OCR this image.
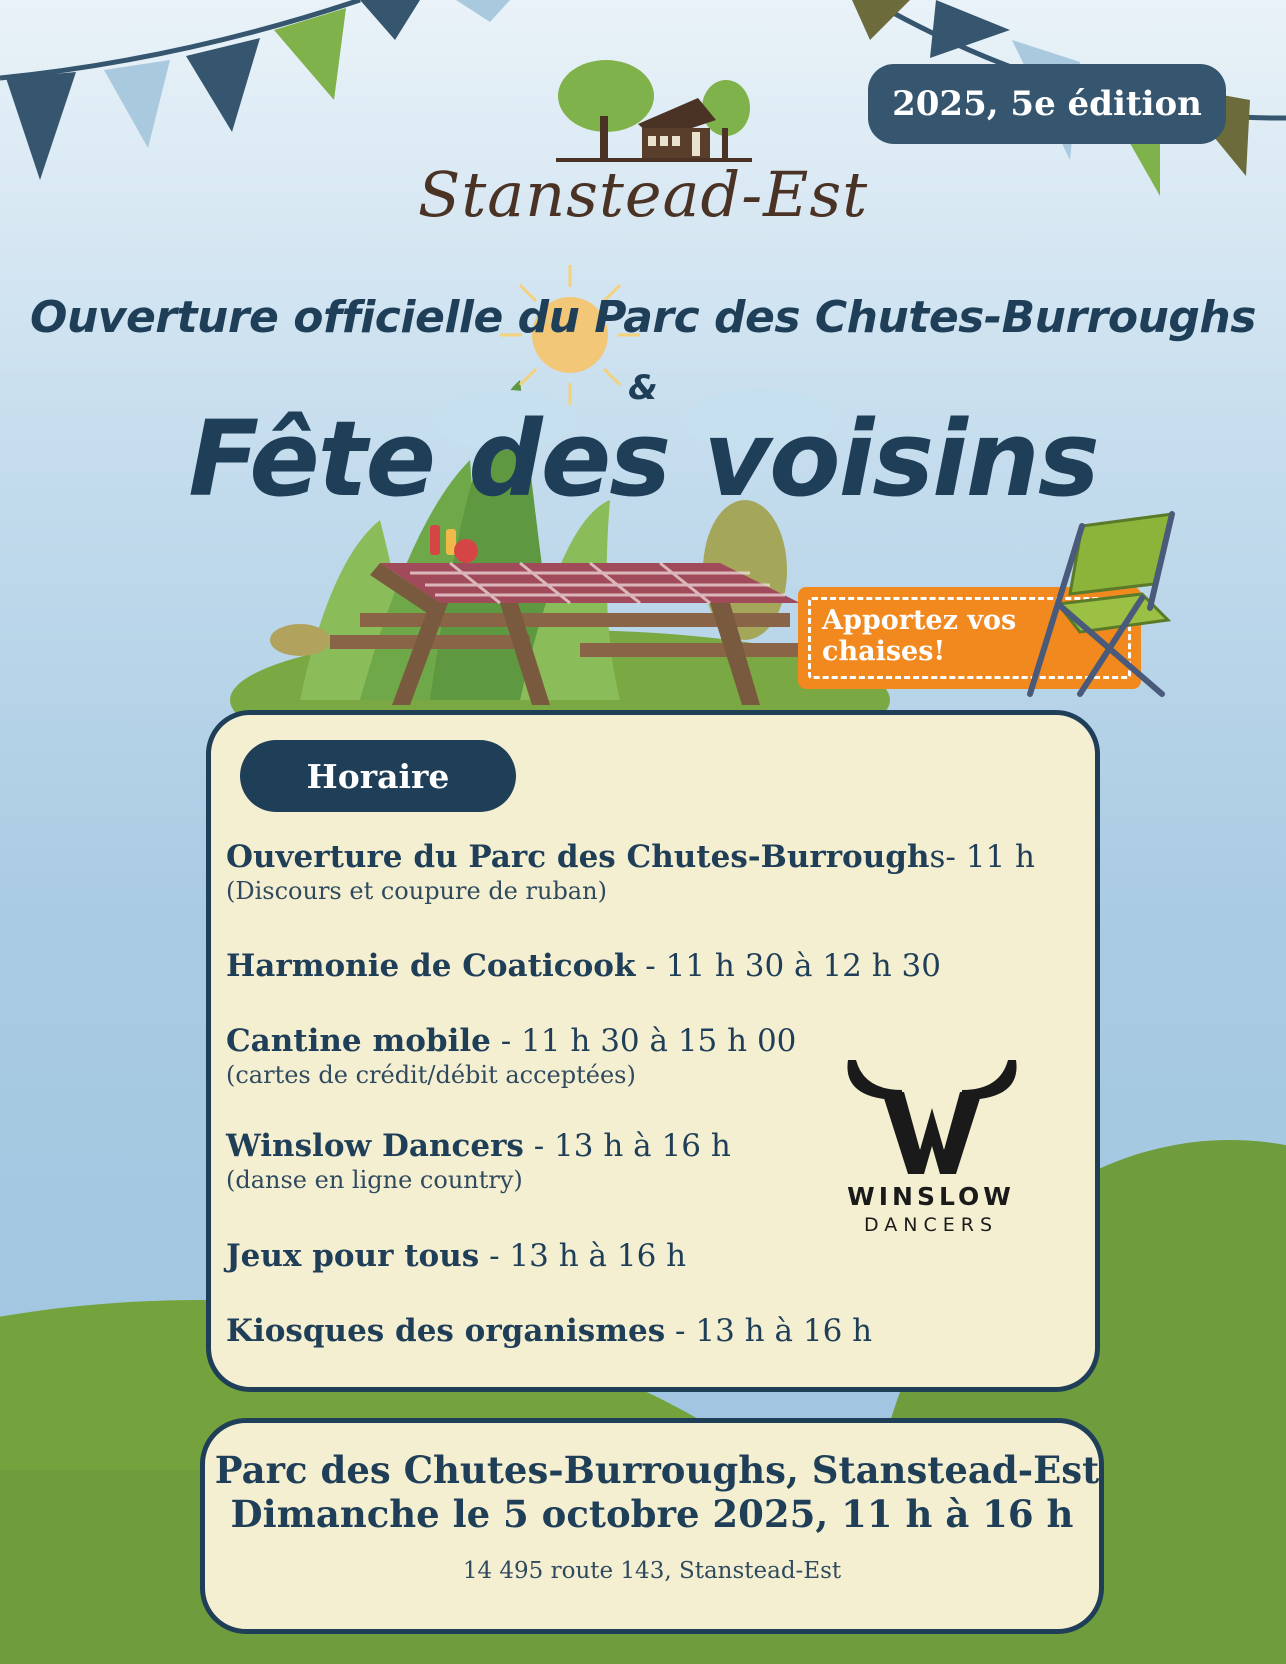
Stanstead-Est
2025, 5e édition
Ouverture officielle du Parc des Chutes-Burroughs
&
Fête des voisins
Apportez vos chaises!
Horaire
Ouverture du Parc des Chutes-Burroughs- 11 h
(Discours et coupure de ruban)
Harmonie de Coaticook - 11 h 30 à 12 h 30
Cantine mobile - 11 h 30 à 15 h 00
(cartes de crédit/débit acceptées)
Winslow Dancers - 13 h à 16 h
(danse en ligne country)
Jeux pour tous - 13 h à 16 h
Kiosques des organismes - 13 h à 16 h
WINSLOW
DANCERS
Parc des Chutes-Burroughs, Stanstead-Est
Dimanche le 5 octobre 2025, 11 h à 16 h
14 495 route 143, Stanstead-Est
